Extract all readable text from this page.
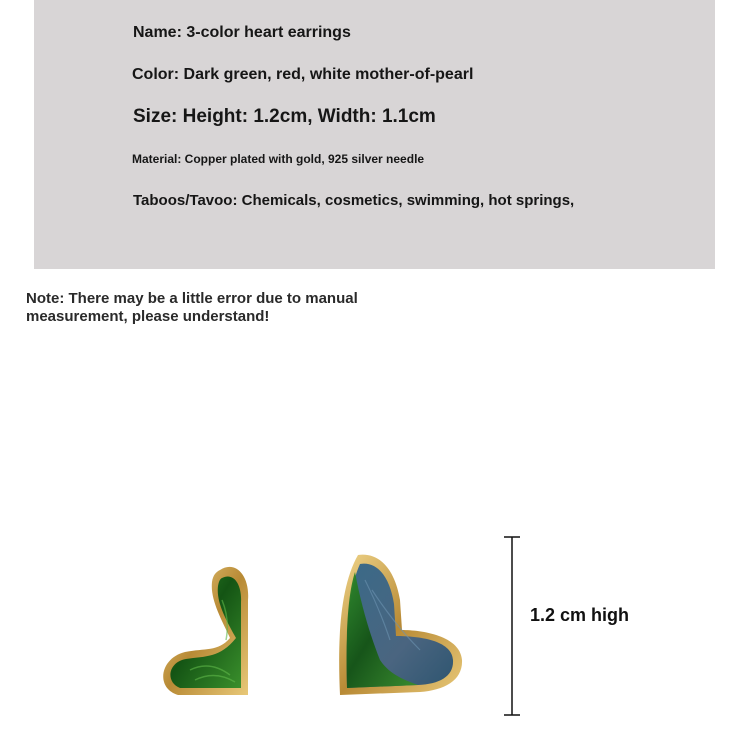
Name: 3-color heart earrings
Color: Dark green, red, white mother-of-pearl
Size: Height: 1.2cm, Width: 1.1cm
Material: Copper plated with gold, 925 silver needle
Taboos/Tavoo: Chemicals, cosmetics, swimming, hot springs,
Note: There may be a little error due to manual
measurement, please understand!
1.2 cm high
